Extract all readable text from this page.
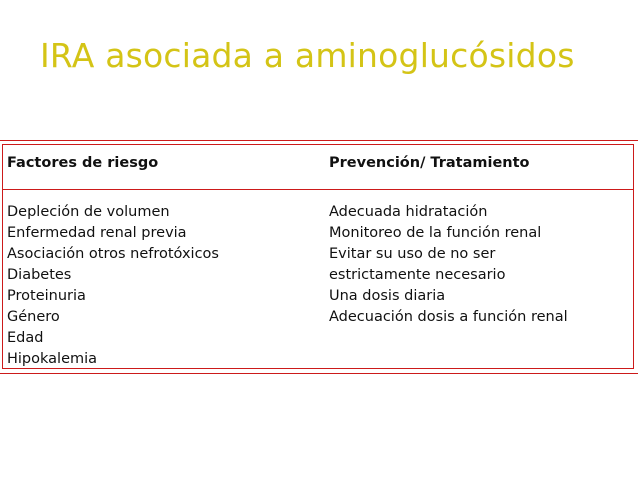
IRA asociada a aminoglucósidos
Factores de riesgo	Prevención/ Tratamiento
Depleción de volumen
Enfermedad renal previa
Asociación otros nefrotóxicos
Diabetes
Proteinuria
Género
Edad
Hipokalemia
Adecuada hidratación
Monitoreo de la función renal
Evitar su uso de no ser
estrictamente necesario
Una dosis diaria
Adecuación dosis a función renal
